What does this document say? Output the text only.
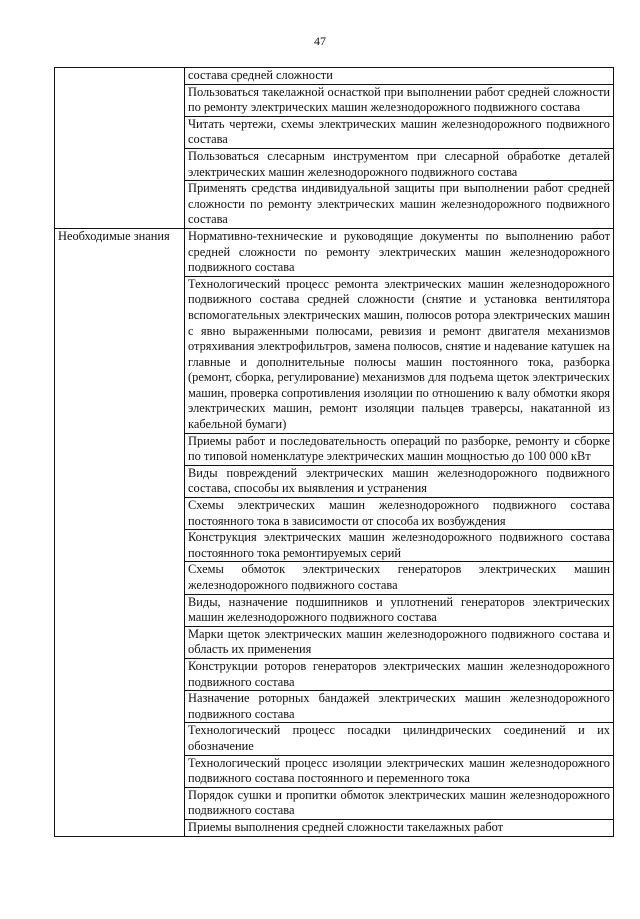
47
	состава средней сложности
	Пользоваться такелажной оснасткой при выполнении работ средней сложности по ремонту электрических машин железнодорожного подвижного состава
	Читать чертежи, схемы электрических машин железнодорожного подвижного состава
	Пользоваться слесарным инструментом при слесарной обработке деталей электрических машин железнодорожного подвижного состава
	Применять средства индивидуальной защиты при выполнении работ средней сложности по ремонту электрических машин железнодорожного подвижного состава
Необходимые знания	Нормативно-технические и руководящие документы по выполнению работ средней сложности по ремонту электрических машин железнодорожного подвижного состава
	Технологический процесс ремонта электрических машин железнодорожного подвижного состава средней сложности (снятие и установка вентилятора вспомогательных электрических машин, полюсов ротора электрических машин с явно выраженными полюсами, ревизия и ремонт двигателя механизмов отряхивания электрофильтров, замена полюсов, снятие и надевание катушек на главные и дополнительные полюсы машин постоянного тока, разборка (ремонт, сборка, регулирование) механизмов для подъема щеток электрических машин, проверка сопротивления изоляции по отношению к валу обмотки якоря электрических машин, ремонт изоляции пальцев траверсы, накатанной из кабельной бумаги)
	Приемы работ и последовательность операций по разборке, ремонту и сборке по типовой номенклатуре электрических машин мощностью до 100 000 кВт
	Виды повреждений электрических машин железнодорожного подвижного состава, способы их выявления и устранения
	Схемы электрических машин железнодорожного подвижного состава постоянного тока в зависимости от способа их возбуждения
	Конструкция электрических машин железнодорожного подвижного состава постоянного тока ремонтируемых серий
	Схемы обмоток электрических генераторов электрических машин железнодорожного подвижного состава
	Виды, назначение подшипников и уплотнений генераторов электрических машин железнодорожного подвижного состава
	Марки щеток электрических машин железнодорожного подвижного состава и область их применения
	Конструкции роторов генераторов электрических машин железнодорожного подвижного состава
	Назначение роторных бандажей электрических машин железнодорожного подвижного состава
	Технологический процесс посадки цилиндрических соединений и их обозначение
	Технологический процесс изоляции электрических машин железнодорожного подвижного состава постоянного и переменного тока
	Порядок сушки и пропитки обмоток электрических машин железнодорожного подвижного состава
	Приемы выполнения средней сложности такелажных работ
